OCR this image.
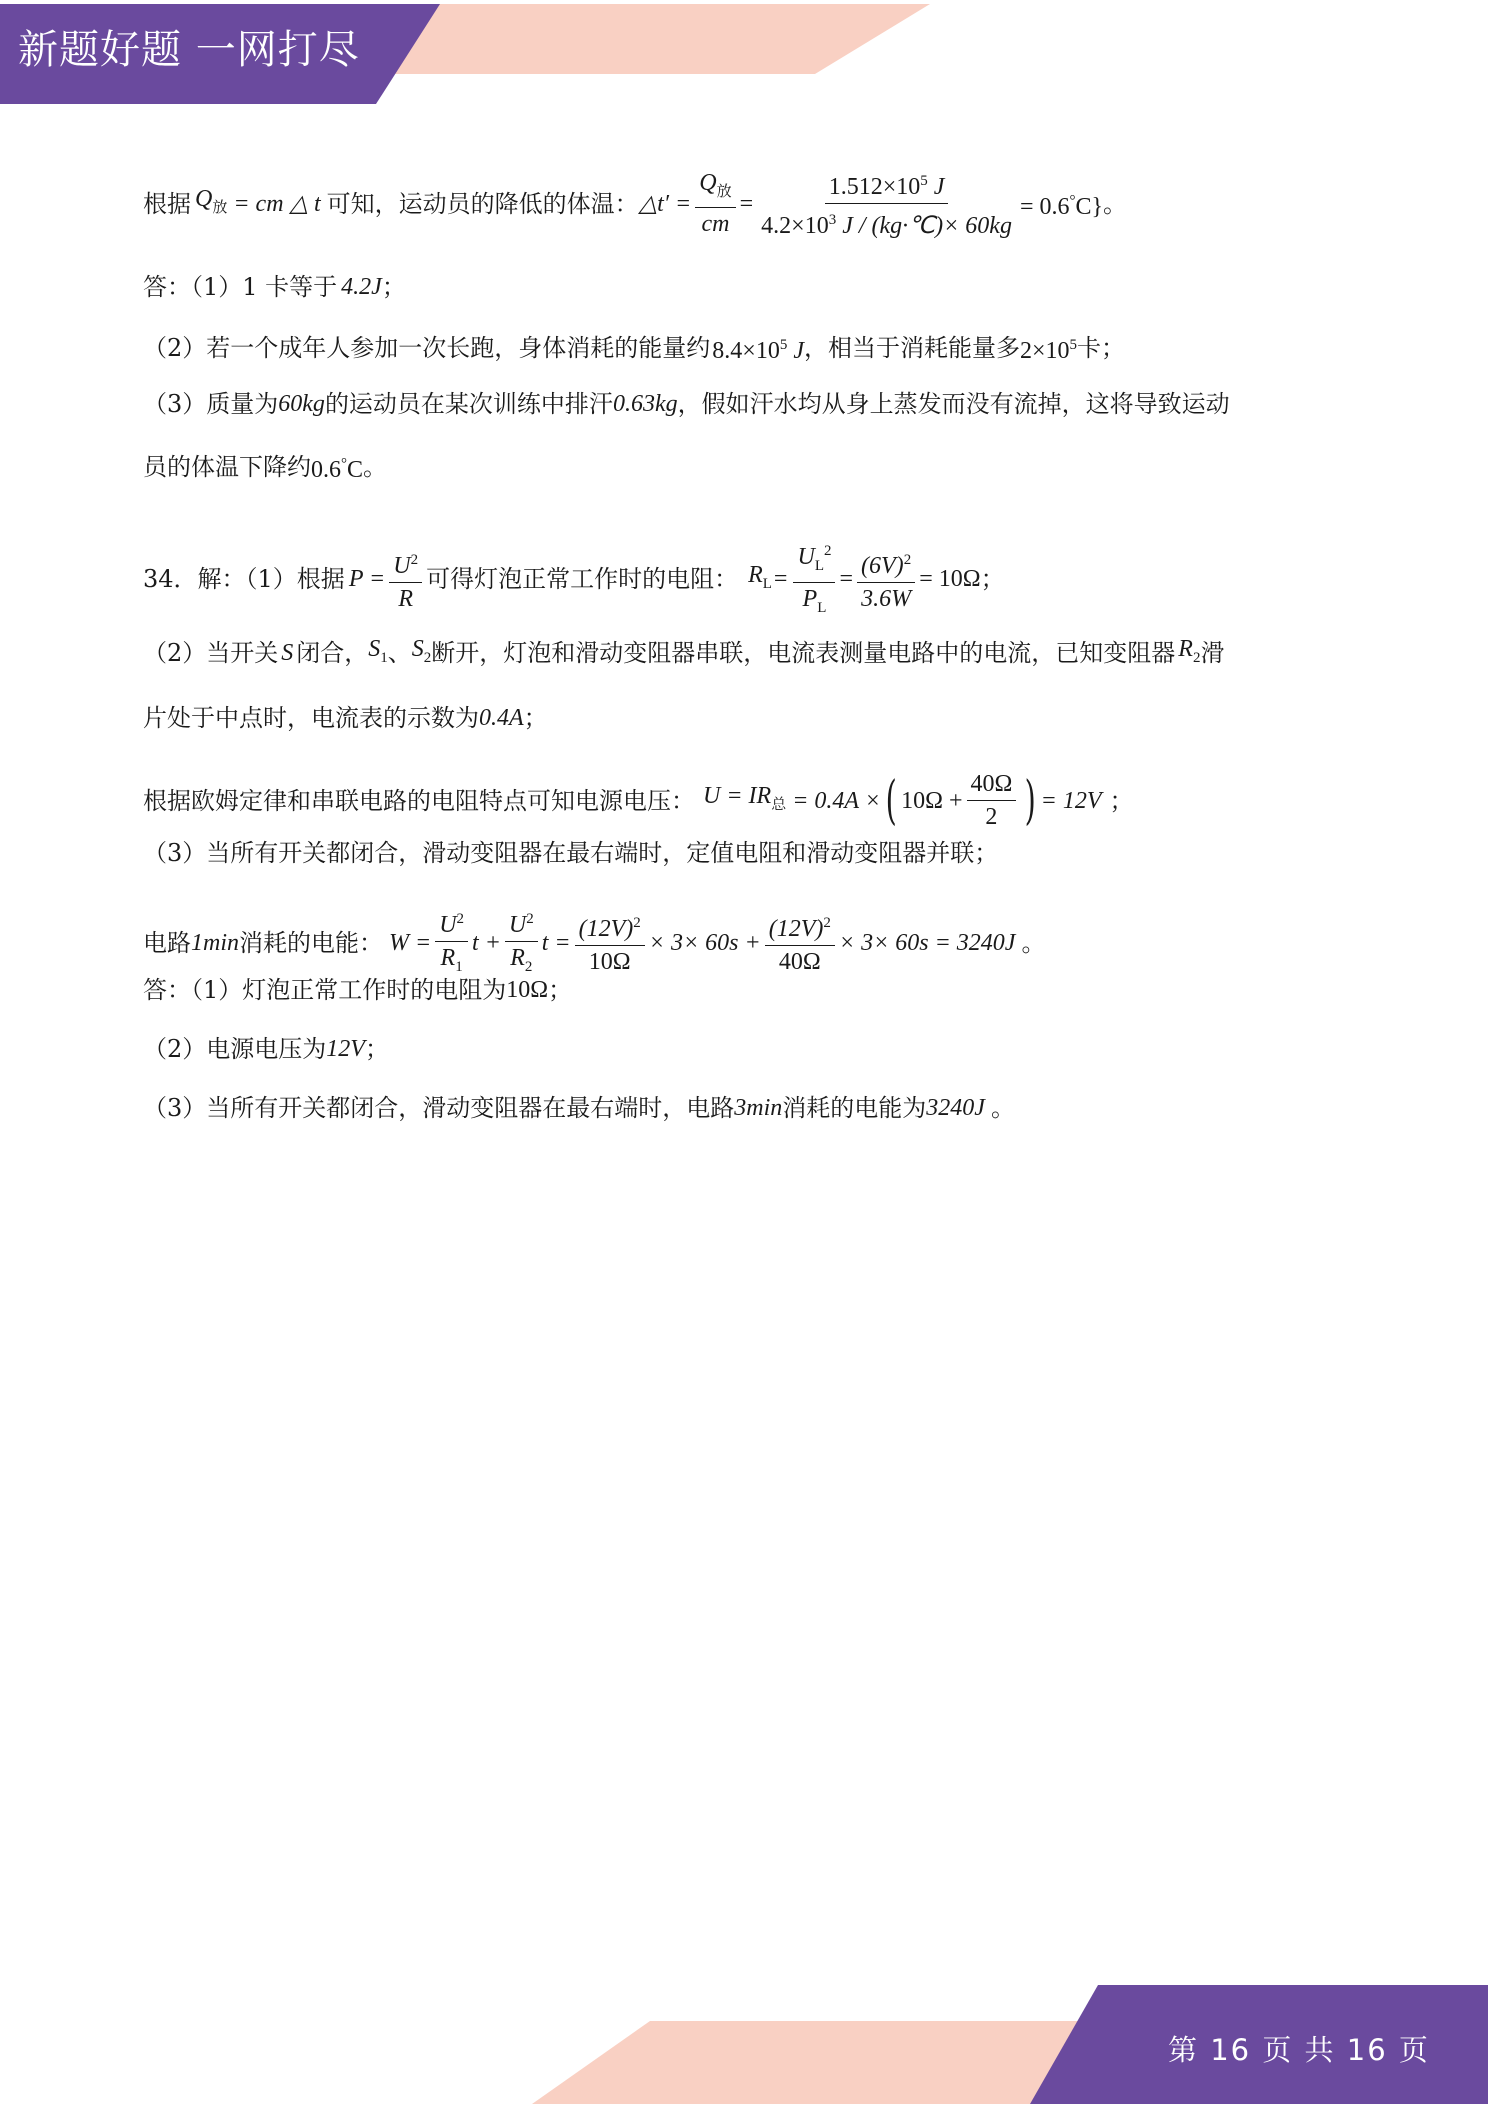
新题好题 一网打尽
第 16 页 共 16 页
根据 $Q_放$ = cm △ t 可知，运动员的降低的体温： △t′ = $\frac{Q_放}{cm} = \frac{1.512\times 10^5 J}{4.2\times 10^3 J / (kg\cdot℃)\times 60kg} = 0.6^\circ C$} 。
答：（1）1 卡等于 4.2J ；
（2）若一个成年人参加一次长跑，身体消耗的能量约 $8.4\times 10^5$ J ，相当于消耗能量多 $2\times 10^5$ 卡；
（3）质量为 60kg 的运动员在某次训练中排汗 0.63kg ，假如汗水均从身上蒸发而没有流掉，这将导致运动
员的体温下降约 0.6°C 。
34．解：（1）根据 $P = \frac{U^2}{R}$ 可得灯泡正常工作时的电阻： $R_L = \frac{U_L^2}{P_L} = \frac{(6V)^2}{3.6W} = 10\Omega$ ；
（2）当开关 S 闭合， $S_1$ 、 $S_2$ 断开，灯泡和滑动变阻器串联，电流表测量电路中的电流，已知变阻器 $R_2$ 滑
片处于中点时，电流表的示数为 0.4A ；
根据欧姆定律和串联电路的电阻特点可知电源电压： $U = IR_总 = 0.4A$ × ( $10\Omega + \frac{40\Omega}{2}$ ) = 12V ；
（3）当所有开关都闭合，滑动变阻器在最右端时，定值电阻和滑动变阻器并联；
电路 1min 消耗的电能： $W = \frac{U^2}{R_1}$ $t + \frac{U^2}{R_2}$ $t = \frac{(12V)^2}{10\Omega} \times 3\times 60s + \frac{(12V)^2}{40\Omega} \times 3\times 60s = 3240J$ 。
答：（1）灯泡正常工作时的电阻为 10Ω ；
（2）电源电压为 12V ；
（3）当所有开关都闭合，滑动变阻器在最右端时，电路 3min 消耗的电能为 3240J 。
